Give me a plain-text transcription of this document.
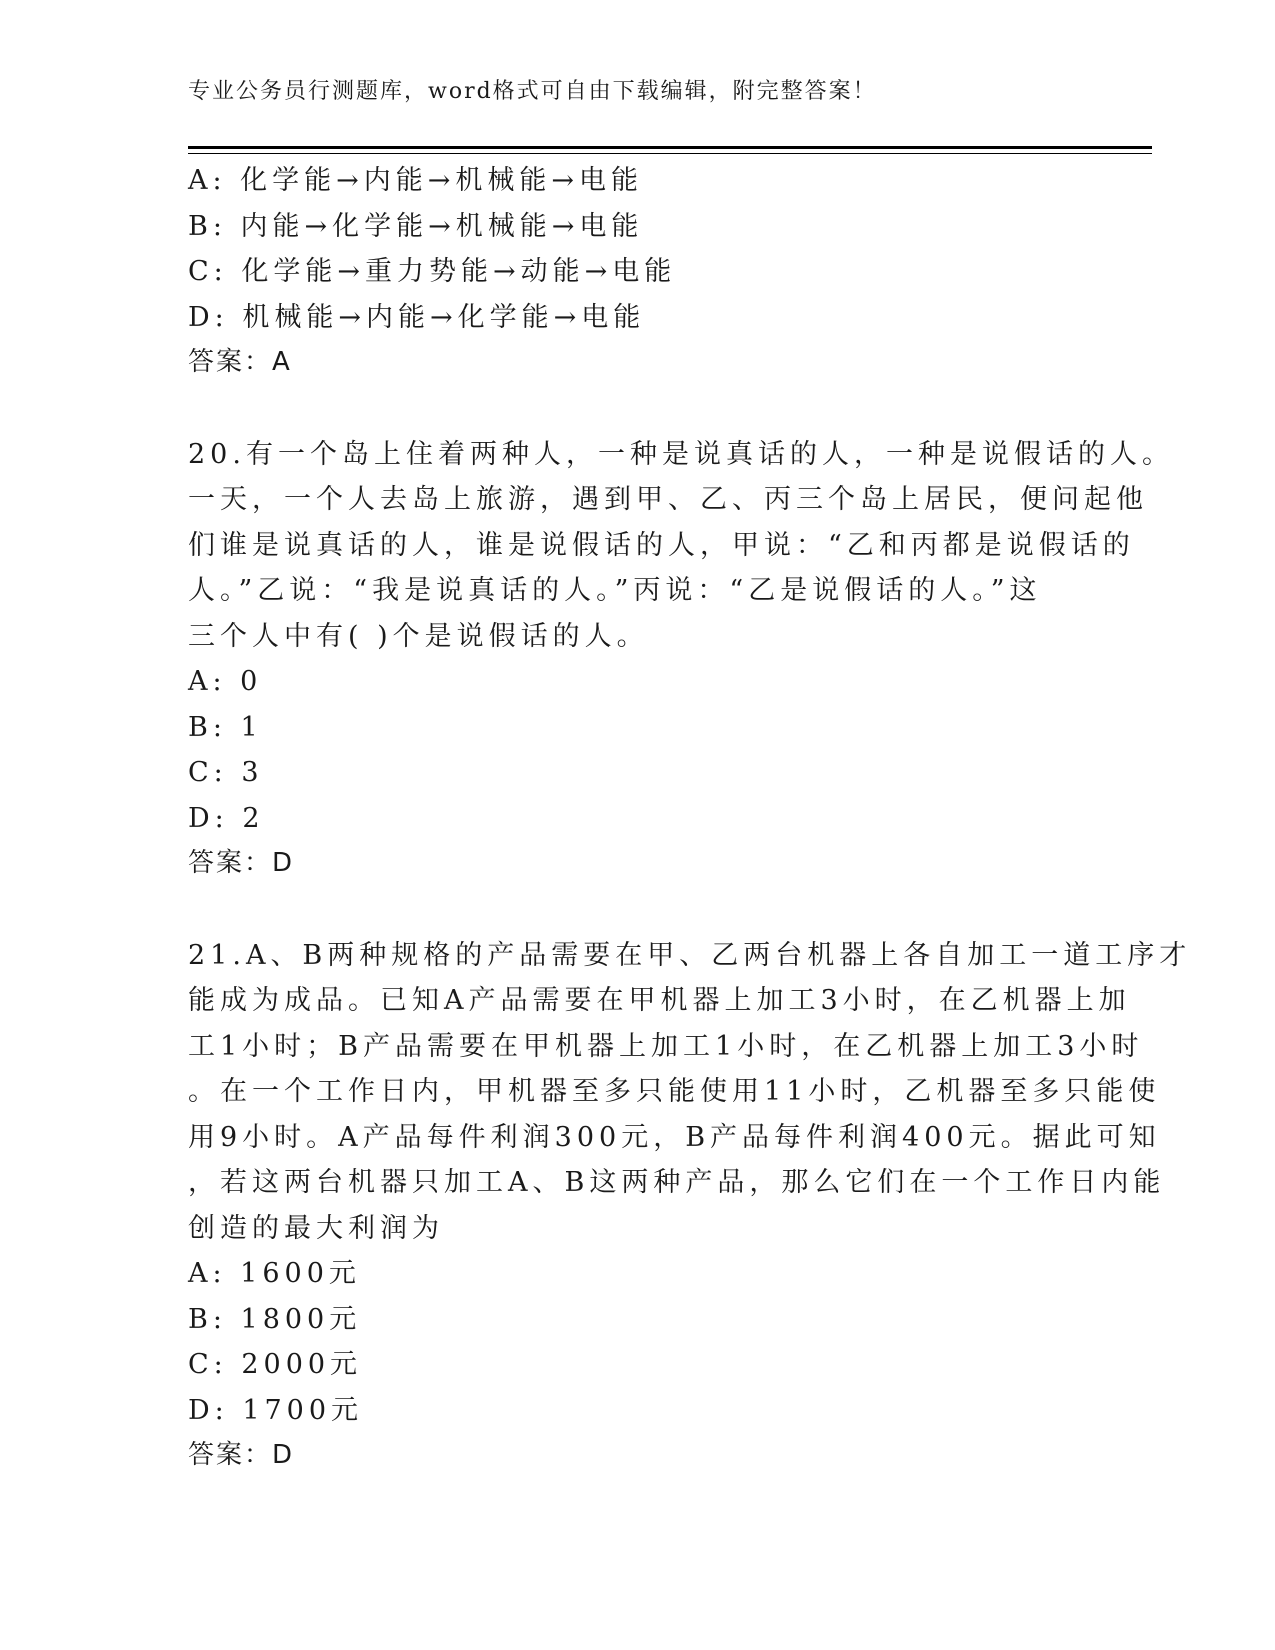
专业公务员行测题库，word格式可自由下载编辑，附完整答案！
A: 化学能→内能→机械能→电能
B: 内能→化学能→机械能→电能
C: 化学能→重力势能→动能→电能
D: 机械能→内能→化学能→电能
答案：A
20.有一个岛上住着两种人，一种是说真话的人，一种是说假话的人。
一天，一个人去岛上旅游，遇到甲、乙、丙三个岛上居民，便问起他
们谁是说真话的人，谁是说假话的人，甲说：“乙和丙都是说假话的
人。”乙说：“我是说真话的人。”丙说：“乙是说假话的人。”这
三个人中有( )个是说假话的人。
A: 0
B: 1
C: 3
D: 2
答案：D
21.A、B两种规格的产品需要在甲、乙两台机器上各自加工一道工序才
能成为成品。已知A产品需要在甲机器上加工3小时，在乙机器上加
工1小时；B产品需要在甲机器上加工1小时，在乙机器上加工3小时
。在一个工作日内，甲机器至多只能使用11小时，乙机器至多只能使
用9小时。A产品每件利润300元，B产品每件利润400元。据此可知
，若这两台机器只加工A、B这两种产品，那么它们在一个工作日内能
创造的最大利润为
A: 1600元
B: 1800元
C: 2000元
D: 1700元
答案：D
